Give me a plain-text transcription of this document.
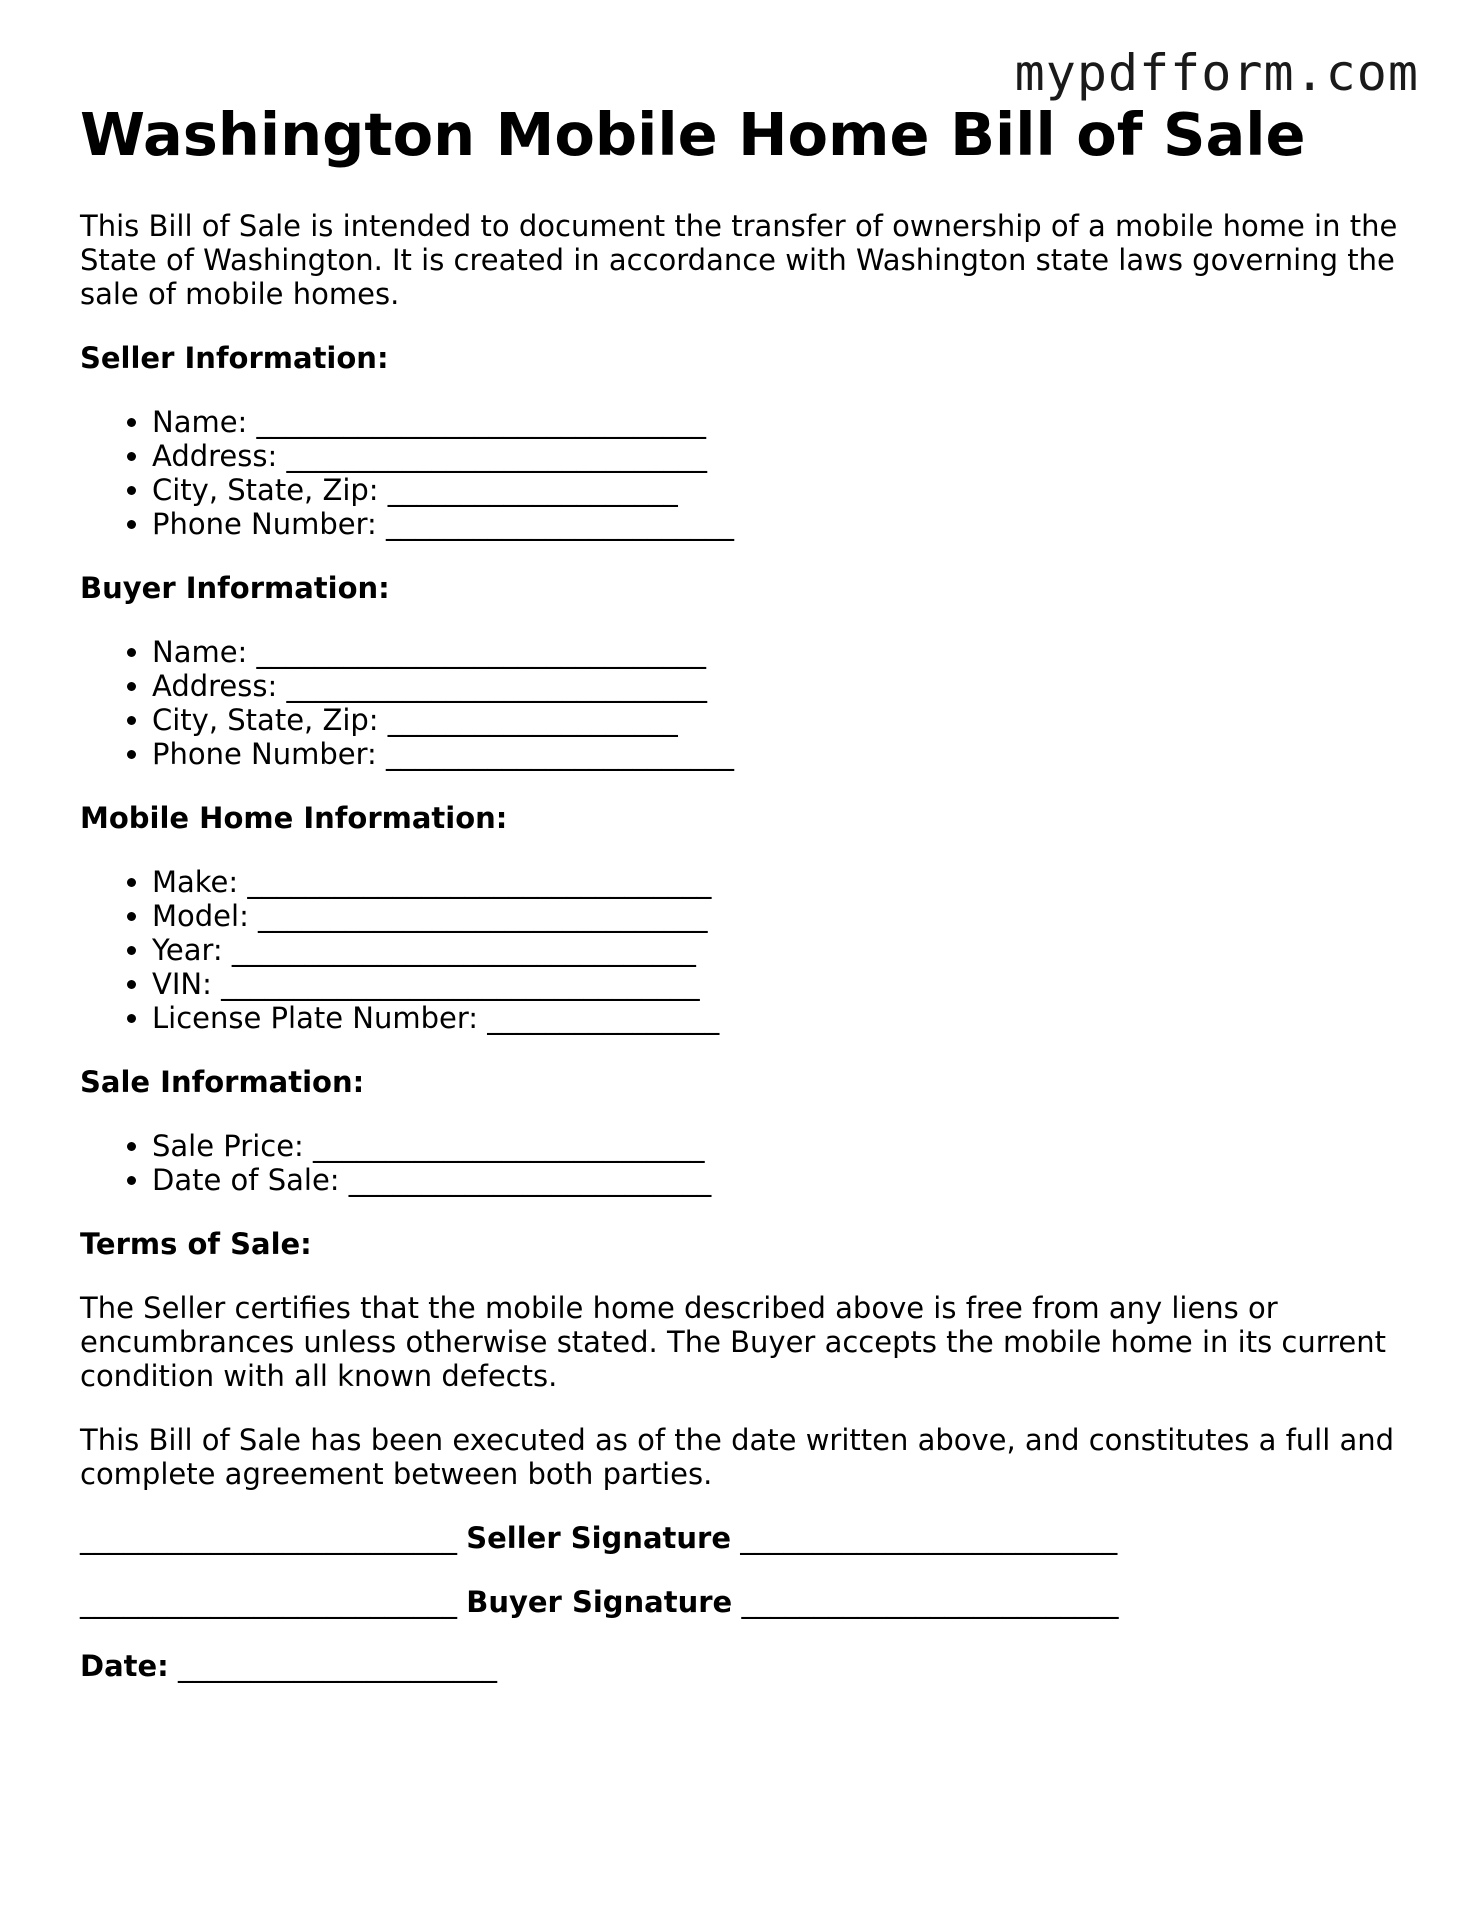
mypdfform.com
Washington Mobile Home Bill of Sale

This Bill of Sale is intended to document the transfer of ownership of a mobile home in the State of Washington. It is created in accordance with Washington state laws governing the sale of mobile homes.

Seller Information:
• Name: _______________________________
• Address: _____________________________
• City, State, Zip: ____________________
• Phone Number: ________________________
Buyer Information:
• Name: _______________________________
• Address: _____________________________
• City, State, Zip: ____________________
• Phone Number: ________________________
Mobile Home Information:
• Make: ________________________________
• Model: _______________________________
• Year: ________________________________
• VIN: _________________________________
• License Plate Number: ________________
Sale Information:
• Sale Price: ___________________________
• Date of Sale: _________________________
Terms of Sale:

The Seller certifies that the mobile home described above is free from any liens or encumbrances unless otherwise stated. The Buyer accepts the mobile home in its current condition with all known defects.

This Bill of Sale has been executed as of the date written above, and constitutes a full and complete agreement between both parties.

__________________________ Seller Signature __________________________
__________________________ Buyer Signature __________________________
Date: ______________________
